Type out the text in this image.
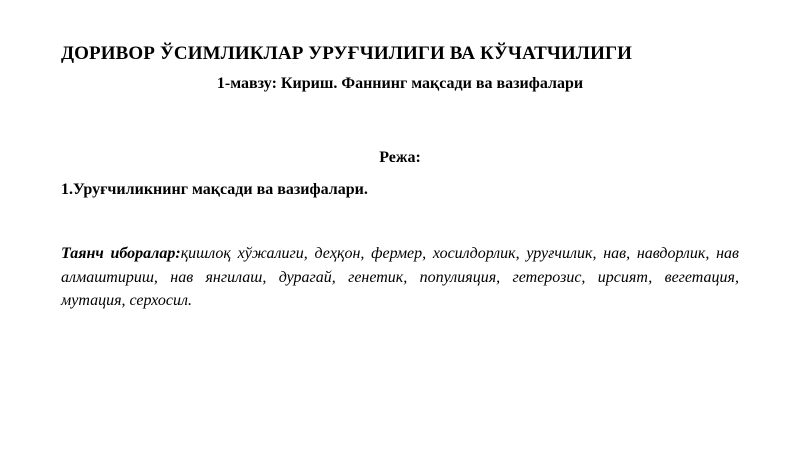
ДОРИВОР ЎСИМЛИКЛАР УРУҒЧИЛИГИ ВА КЎЧАТЧИЛИГИ
1-мавзу: Кириш. Фаннинг мақсади ва вазифалари
Режа:
1.Уруғчиликнинг мақсади ва вазифалари.
Таянч иборалар:қишлоқ хўжалиги, деҳқон, фермер, хосилдорлик, уруғчилик, нав, навдорлик, нав алмаштириш, нав янгилаш, дурагай, генетик, популияция, гетерозис, ирсият, вегетация, мутация, серхосил.
